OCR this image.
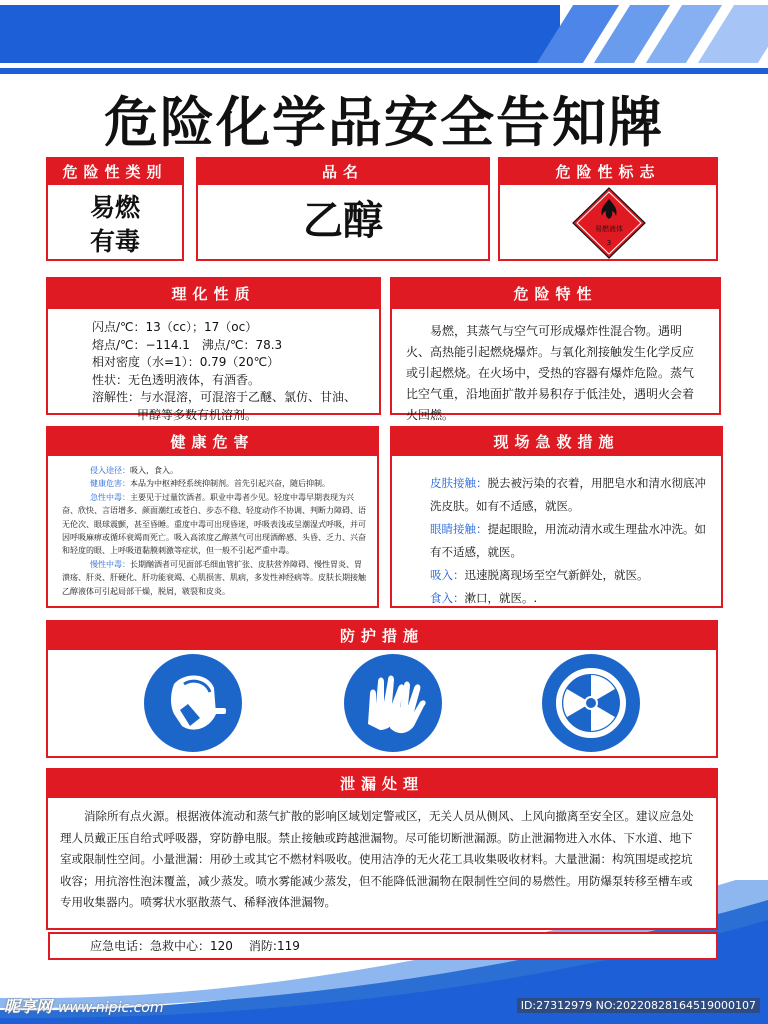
危险化学品安全告知牌
危险性类别
易燃
有毒
品名
乙醇
危险性标志
易燃液体
3
理化性质
闪点/℃：13（cc）；17（oc）
熔点/℃：−114.1　沸点/℃：78.3
相对密度（水=1）：0.79（20℃）
性状：无色透明液体，有酒香。
溶解性：与水混溶，可混溶于乙醚、氯仿、甘油、
甲醇等多数有机溶剂。
危险特性
易燃，其蒸气与空气可形成爆炸性混合物。遇明火、高热能引起燃烧爆炸。与氧化剂接触发生化学反应或引起燃烧。在火场中，受热的容器有爆炸危险。蒸气比空气重，沿地面扩散并易积存于低洼处，遇明火会着火回燃。
健康危害
侵入途径：吸入，食入。
健康危害：本品为中枢神经系统抑制剂。首先引起兴奋，随后抑制。
急性中毒：主要见于过量饮酒者。职业中毒者少见。轻度中毒早期表现为兴奋、欣快、言语增多、颜面潮红或苍白、步态不稳、轻度动作不协调、判断力障碍、语无伦次、眼球震颤，甚至昏睡。重度中毒可出现昏迷，呼吸表浅或呈潮湿式呼吸，并可因呼吸麻痹或循环衰竭而死亡。吸入高浓度乙醇蒸气可出现酒醉感、头昏、乏力、兴奋和轻度的眼、上呼吸道黏膜刺激等症状，但一般不引起严重中毒。
慢性中毒：长期酗酒者可见面部毛细血管扩张、皮肤营养障碍、慢性胃炎、胃溃疡、肝炎、肝硬化、肝功能衰竭、心肌损害、肌病，多发性神经病等。皮肤长期接触乙醇液体可引起局部干燥，脱屑，皲裂和皮炎。
现场急救措施

皮肤接触：脱去被污染的衣着，用肥皂水和清水彻底冲洗皮肤。如有不适感，就医。

眼睛接触：提起眼睑，用流动清水或生理盐水冲洗。如有不适感，就医。

吸入：迅速脱离现场至空气新鲜处，就医。

食入：漱口，就医。.

防护措施
泄漏处理
消除所有点火源。根据液体流动和蒸气扩散的影响区域划定警戒区，无关人员从侧风、上风向撤离至安全区。建议应急处理人员戴正压自给式呼吸器，穿防静电服。禁止接触或跨越泄漏物。尽可能切断泄漏源。防止泄漏物进入水体、下水道、地下室或限制性空间。小量泄漏：用砂土或其它不燃材料吸收。使用洁净的无火花工具收集吸收材料。大量泄漏：构筑围堤或挖坑收容；用抗溶性泡沫覆盖，减少蒸发。喷水雾能减少蒸发，但不能降低泄漏物在限制性空间的易燃性。用防爆泵转移至槽车或专用收集器内。喷雾状水驱散蒸气、稀释液体泄漏物。
应急电话：急救中心：120 消防:119
昵享网 www.nipic.com	ID:27312979 NO:20220828164519000107
